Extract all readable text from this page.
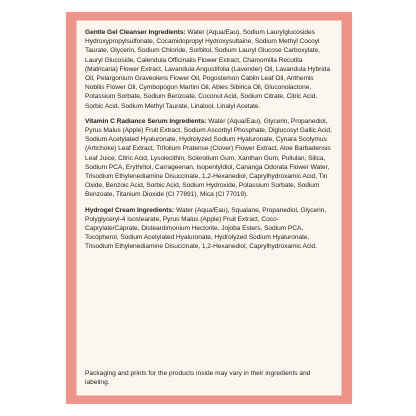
Gentle Gel Cleanser Ingredients: Water (Aqua/Eau), Sodium Laurylglucosides Hydroxypropylsulfonate, Cocamidopropyl Hydroxysultaine, Sodium Methyl Cocoyl Taurate, Glycerin, Sodium Chloride, Sorbitol, Sodium Lauryl Glucose Carboxylate, Lauryl Glucoside, Calendula Officinalis Flower Extract, Chamomilla Recutita (Matricaria) Flower Extract, Lavandula Angustifolia (Lavender) Oil, Lavandula Hybrida Oil, Pelargonium Graveolens Flower Oil, Pogostemon Cablin Leaf Oil, Anthemis Nobilis Flower Oil, Cymbopogon Martini Oil, Abies Sibirica Oil, Gluconolactone, Potassium Sorbate, Sodium Benzoate, Coconut Acid, Sodium Citrate, Citric Acid, Sorbic Acid, Sodium Methyl Taurate, Linalool, Linalyl Acetate.
Vitamin C Radiance Serum Ingredients: Water (Aqua/Eau), Glycerin, Propanediol, Pyrus Malus (Apple) Fruit Extract, Sodium Ascorbyl Phosphate, Diglucosyl Gallic Acid, Sodium Acetylated Hyaluronate, Hydrolyzed Sodium Hyaluronate, Cynara Scolymus (Artichoke) Leaf Extract, Trifolium Pratense (Clover) Flower Extract, Aloe Barbadensis Leaf Juice, Citric Acid, Lysolecithin, Sclerotium Gum, Xanthan Gum, Pullulan, Silica, Sodium PCA, Erythritol, Carrageenan, Isopentyldiol, Cananga Odorata Flower Water, Trisodium Ethylenediamine Disuccinate, 1,2-Hexanediol, Caprylhydroxamic Acid, Tin Oxide, Benzoic Acid, Sorbic Acid, Sodium Hydroxide, Potassium Sorbate, Sodium Benzoate, Titanium Dioxide (CI 77891), Mica (CI 77019).
Hydrogel Cream Ingredients: Water (Aqua/Eau), Squalane, Propanediol, Glycerin, Polyglyceryl-4 Isostearate, Pyrus Malus (Apple) Fruit Extract, Coco-Caprylate/Caprate, Disteardimonium Hectorite, Jojoba Esters, Sodium PCA, Tocopherol, Sodium Acetylated Hyaluronate, Hydrolyzed Sodium Hyaluronate, Trisodium Ethylenediamine Disuccinate, 1,2-Hexanediol, Caprylhydroxamic Acid.
Packaging and prints for the products inside may vary in their ingredients and labeling.
